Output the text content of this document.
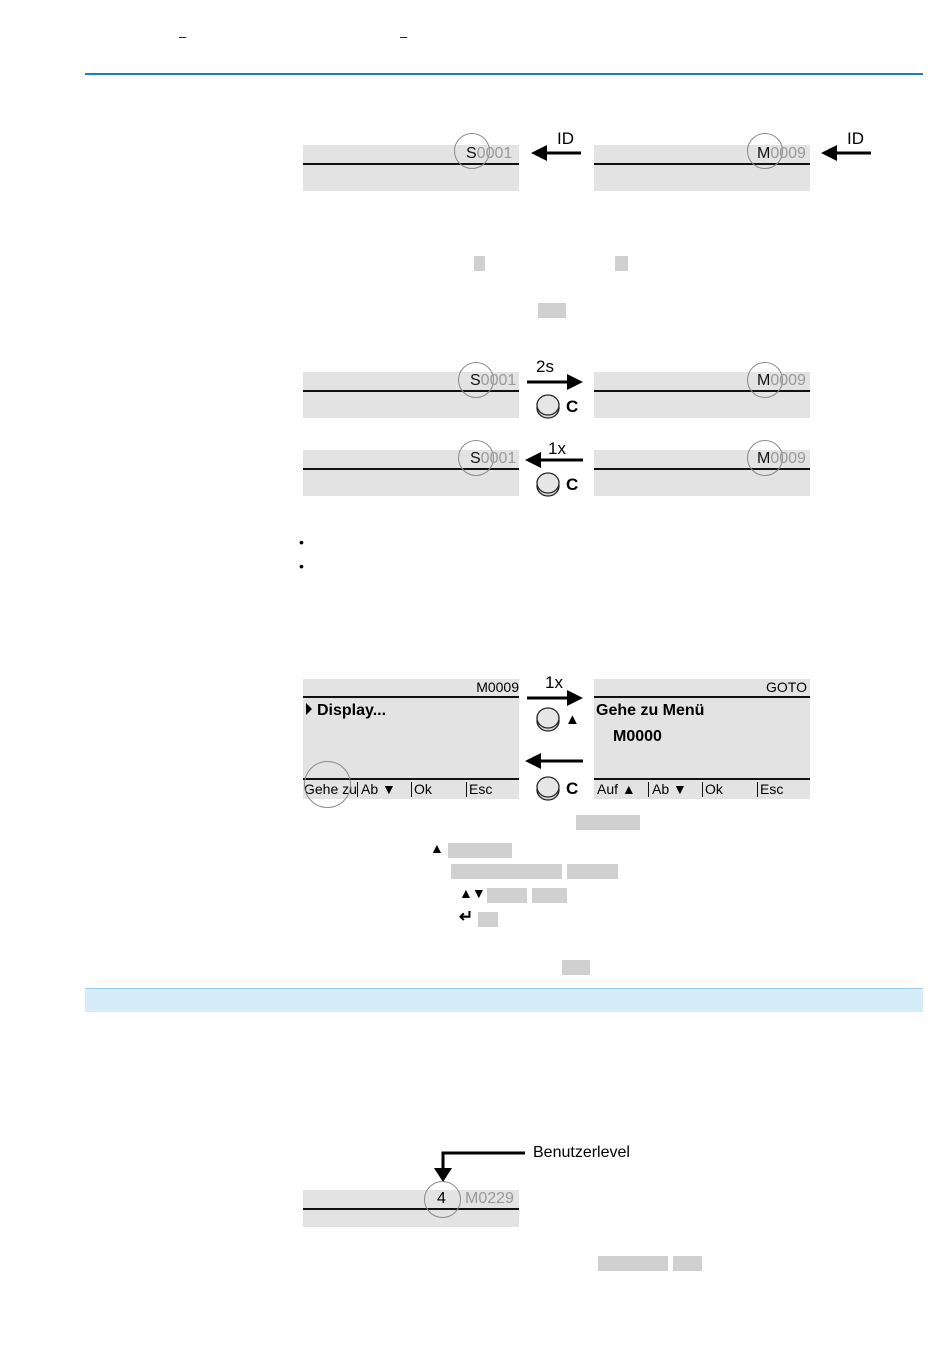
–	–
S0001
ID
M0009
ID
S0001
2s
C
M0009
S0001
1x
C
M0009
•
•
M0009
Display...
Gehe zu Ab ▼ Ok	Esc
1x
▲
C
GOTO
Gehe zu Menü
M0000
Auf ▲ Ab ▼ Ok	Esc
▲
▲▼
↵
Benutzerlevel
4 M0229
